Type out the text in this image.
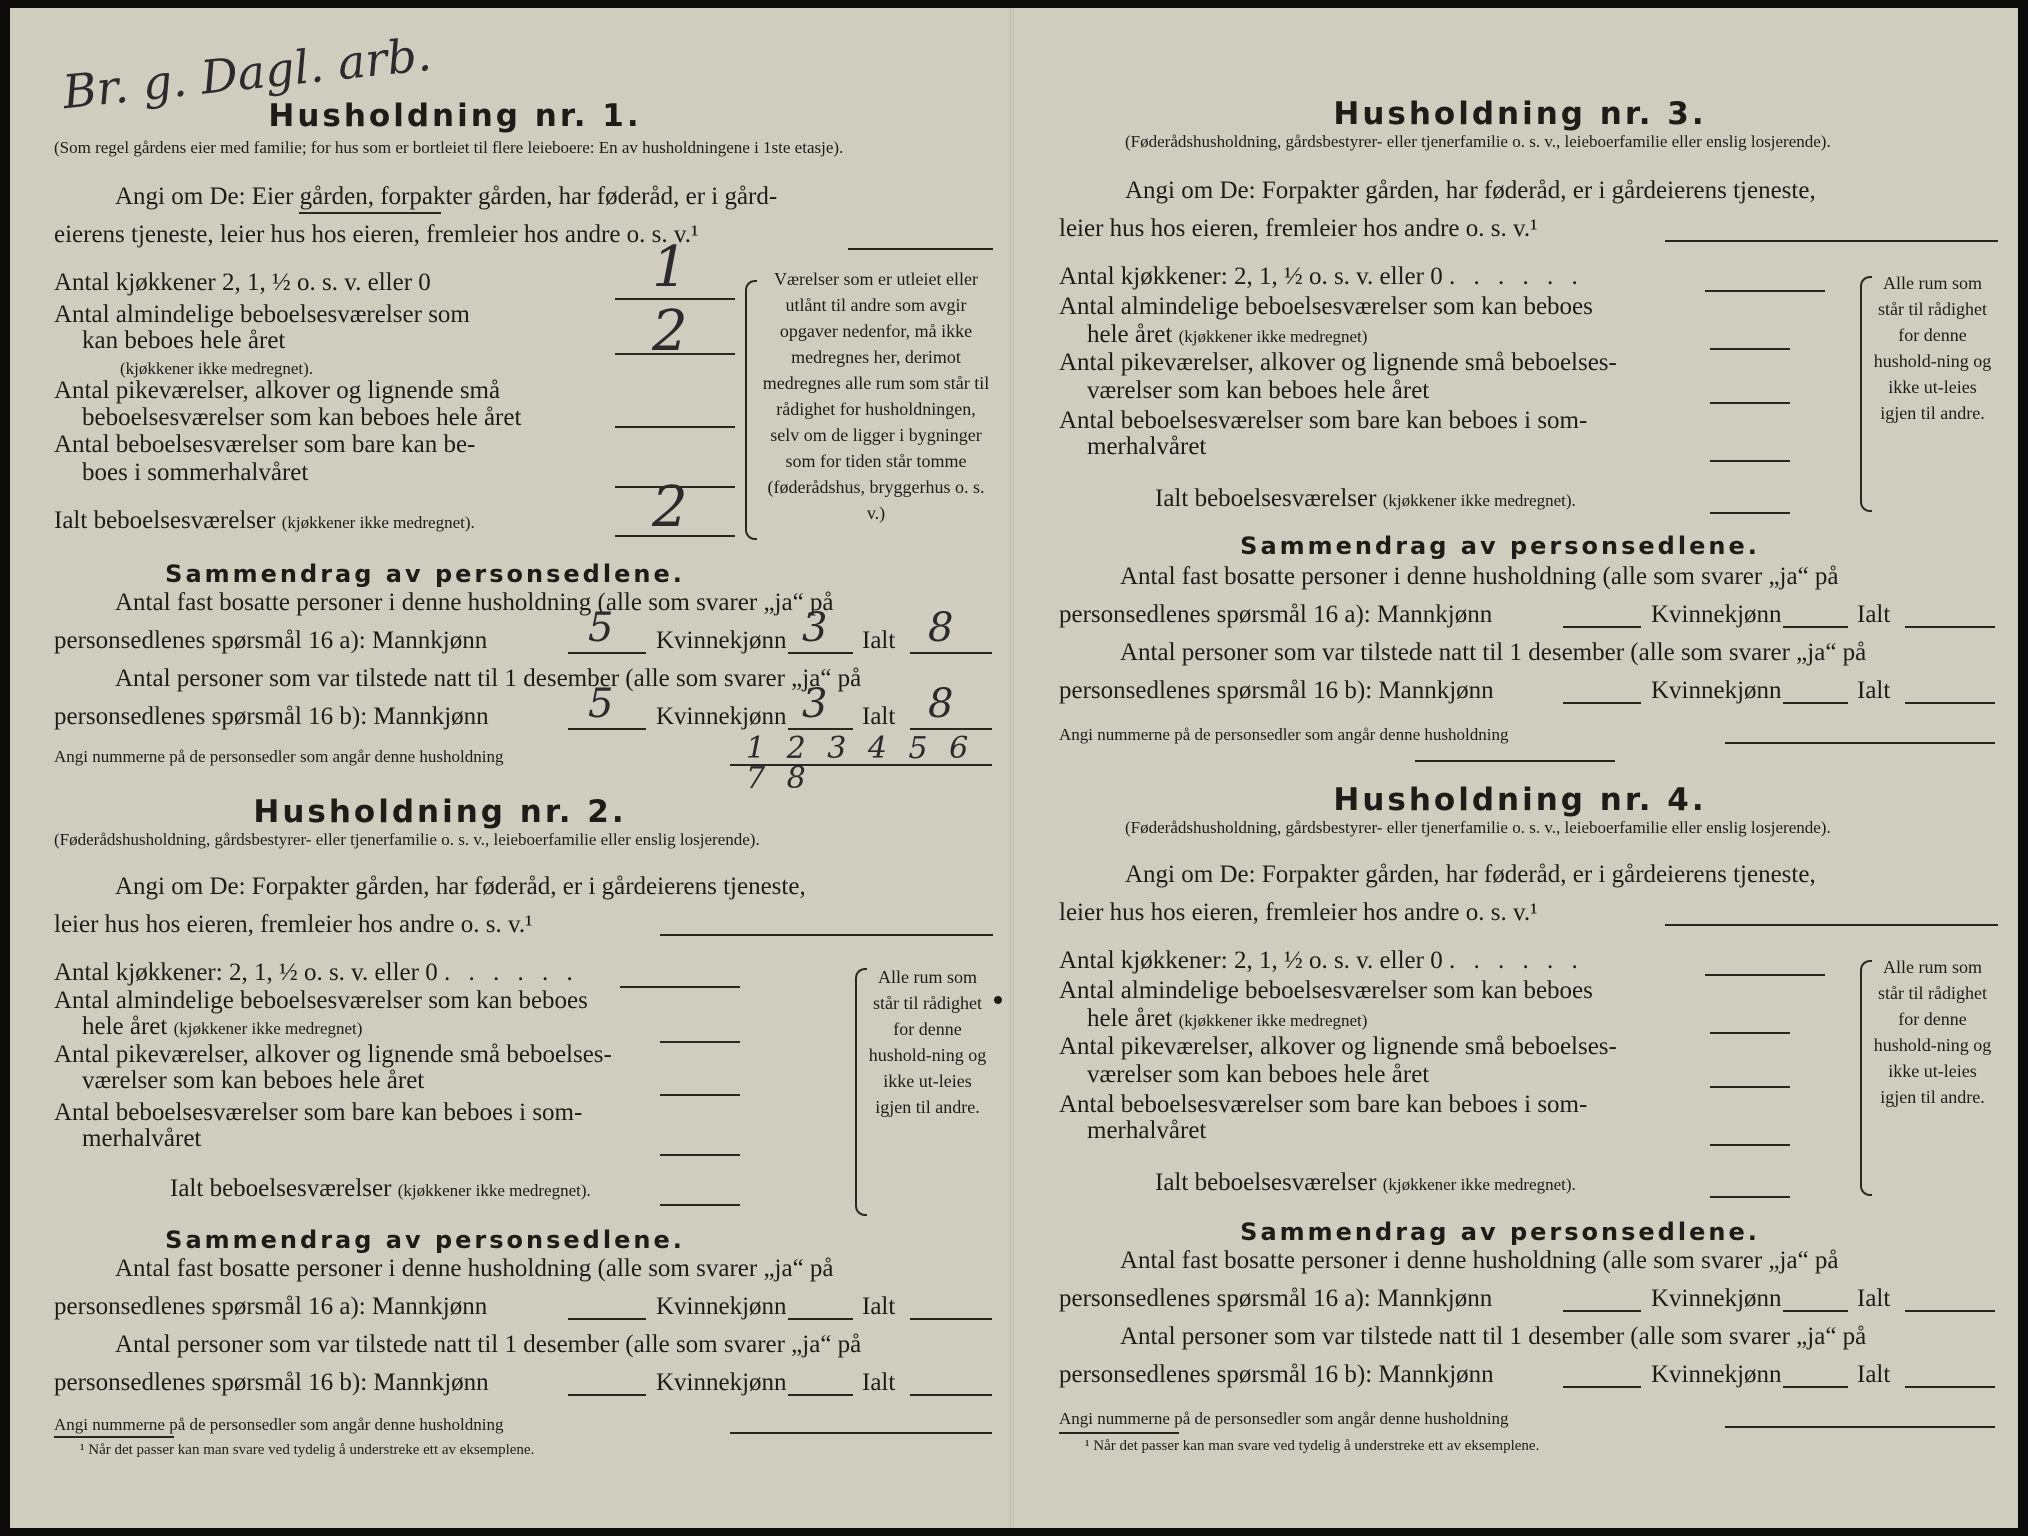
Br. g. Dagl. arb.
Husholdning nr. 1.
(Som regel gårdens eier med familie; for hus som er bortleiet til flere leieboere: En av husholdningene i 1ste etasje).
Angi om De: Eier gården, forpakter gården, har føderåd, er i gård-
eierens tjeneste, leier hus hos eieren, fremleier hos andre o. s. v.¹
Antal kjøkkener 2, 1, ½ o. s. v. eller 0	1
Antal almindelige beboelsesværelser som
kan beboes hele året
(kjøkkener ikke medregnet).
2
Antal pikeværelser, alkover og lignende små
beboelsesværelser som kan beboes hele året
Antal beboelsesværelser som bare kan be-
boes i sommerhalvåret
Ialt beboelsesværelser (kjøkkener ikke medregnet).	2
Værelser som er utleiet eller utlånt til andre som avgir opgaver nedenfor, må ikke medregnes her, derimot medregnes alle rum som står til rådighet for husholdningen, selv om de ligger i bygninger som for tiden står tomme (føderådshus, bryggerhus o. s. v.)
Sammendrag av personsedlene.
Antal fast bosatte personer i denne husholdning (alle som svarer „ja“ på
personsedlenes spørsmål 16 a): Mannkjønn	5 Kvinnekjønn 3 Ialt 8
Antal personer som var tilstede natt til 1 desember (alle som svarer „ja“ på
personsedlenes spørsmål 16 b): Mannkjønn 5 Kvinnekjønn 3 Ialt 8
Angi nummerne på de personsedler som angår denne husholdning	1 2 3 4 5 6 7 8
Husholdning nr. 2.
(Føderådshusholdning, gårdsbestyrer- eller tjenerfamilie o. s. v., leieboerfamilie eller enslig losjerende).
Angi om De: Forpakter gården, har føderåd, er i gårdeierens tjeneste,
leier hus hos eieren, fremleier hos andre o. s. v.¹
Antal kjøkkener: 2, 1, ½ o. s. v. eller 0 . . . . . .
Antal almindelige beboelsesværelser som kan beboes
hele året (kjøkkener ikke medregnet)
Antal pikeværelser, alkover og lignende små beboelses-
værelser som kan beboes hele året
Antal beboelsesværelser som bare kan beboes i som-
merhalvåret
Ialt beboelsesværelser (kjøkkener ikke medregnet).
Alle rum som står til rådighet for denne hushold-ning og ikke ut-leies igjen til andre.
Sammendrag av personsedlene.
Antal fast bosatte personer i denne husholdning (alle som svarer „ja“ på
personsedlenes spørsmål 16 a): Mannkjønn	Kvinnekjønn	Ialt
Antal personer som var tilstede natt til 1 desember (alle som svarer „ja“ på
personsedlenes spørsmål 16 b): Mannkjønn	Kvinnekjønn	Ialt
Angi nummerne på de personsedler som angår denne husholdning
¹ Når det passer kan man svare ved tydelig å understreke ett av eksemplene.
Husholdning nr. 3.
(Føderådshusholdning, gårdsbestyrer- eller tjenerfamilie o. s. v., leieboerfamilie eller enslig losjerende).
Angi om De: Forpakter gården, har føderåd, er i gårdeierens tjeneste,
leier hus hos eieren, fremleier hos andre o. s. v.¹
Antal kjøkkener: 2, 1, ½ o. s. v. eller 0 . . . . . .
Antal almindelige beboelsesværelser som kan beboes
hele året (kjøkkener ikke medregnet)
Antal pikeværelser, alkover og lignende små beboelses-
værelser som kan beboes hele året
Antal beboelsesværelser som bare kan beboes i som-
merhalvåret
Ialt beboelsesværelser (kjøkkener ikke medregnet).
Alle rum som står til rådighet for denne hushold-ning og ikke ut-leies igjen til andre.
Sammendrag av personsedlene.
Antal fast bosatte personer i denne husholdning (alle som svarer „ja“ på
personsedlenes spørsmål 16 a): Mannkjønn	Kvinnekjønn	Ialt
Antal personer som var tilstede natt til 1 desember (alle som svarer „ja“ på
personsedlenes spørsmål 16 b): Mannkjønn	Kvinnekjønn	Ialt
Angi nummerne på de personsedler som angår denne husholdning
Husholdning nr. 4.
(Føderådshusholdning, gårdsbestyrer- eller tjenerfamilie o. s. v., leieboerfamilie eller enslig losjerende).
Angi om De: Forpakter gården, har føderåd, er i gårdeierens tjeneste,
leier hus hos eieren, fremleier hos andre o. s. v.¹
Antal kjøkkener: 2, 1, ½ o. s. v. eller 0 . . . . . .
Antal almindelige beboelsesværelser som kan beboes
hele året (kjøkkener ikke medregnet)
Antal pikeværelser, alkover og lignende små beboelses-
værelser som kan beboes hele året
Antal beboelsesværelser som bare kan beboes i som-
merhalvåret
Ialt beboelsesværelser (kjøkkener ikke medregnet).
Alle rum som står til rådighet for denne hushold-ning og ikke ut-leies igjen til andre.
Sammendrag av personsedlene.
Antal fast bosatte personer i denne husholdning (alle som svarer „ja“ på
personsedlenes spørsmål 16 a): Mannkjønn	Kvinnekjønn	Ialt
Antal personer som var tilstede natt til 1 desember (alle som svarer „ja“ på
personsedlenes spørsmål 16 b): Mannkjønn	Kvinnekjønn	Ialt
Angi nummerne på de personsedler som angår denne husholdning
¹ Når det passer kan man svare ved tydelig å understreke ett av eksemplene.
